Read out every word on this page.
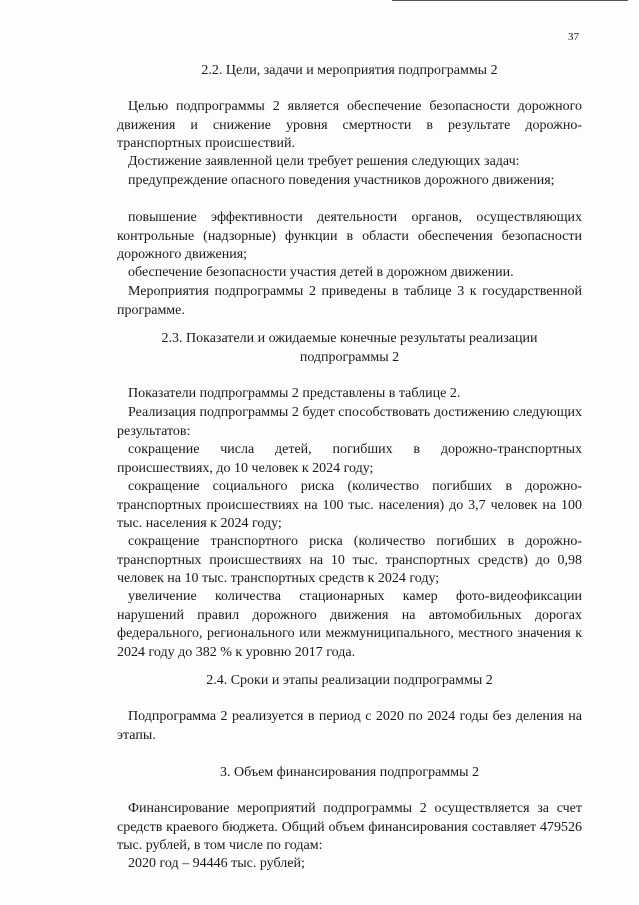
37
2.2. Цели, задачи и мероприятия подпрограммы 2
Целью подпрограммы 2 является обеспечение безопасности дорожного движения и снижение уровня смертности в результате дорожно-транспортных происшествий.
Достижение заявленной цели требует решения следующих задач:
предупреждение опасного поведения участников дорожного движения;
повышение эффективности деятельности органов, осуществляющих контрольные (надзорные) функции в области обеспечения безопасности дорожного движения;
обеспечение безопасности участия детей в дорожном движении.
Мероприятия подпрограммы 2 приведены в таблице 3 к государственной программе.
2.3. Показатели и ожидаемые конечные результаты реализации
подпрограммы 2
Показатели подпрограммы 2 представлены в таблице 2.
Реализация подпрограммы 2 будет способствовать достижению следующих результатов:
сокращение числа детей, погибших в дорожно-транспортных происшествиях, до 10 человек к 2024 году;
сокращение социального риска (количество погибших в дорожно-транспортных происшествиях на 100 тыс. населения) до 3,7 человек на 100 тыс. населения к 2024 году;
сокращение транспортного риска (количество погибших в дорожно-транспортных происшествиях на 10 тыс. транспортных средств) до 0,98 человек на 10 тыс. транспортных средств к 2024 году;
увеличение количества стационарных камер фото-видеофиксации нарушений правил дорожного движения на автомобильных дорогах федерального, регионального или межмуниципального, местного значения к 2024 году до 382 % к уровню 2017 года.
2.4. Сроки и этапы реализации подпрограммы 2
Подпрограмма 2 реализуется в период с 2020 по 2024 годы без деления на этапы.
3. Объем финансирования подпрограммы 2
Финансирование мероприятий подпрограммы 2 осуществляется за счет средств краевого бюджета. Общий объем финансирования составляет 479526 тыс. рублей, в том числе по годам:
2020 год – 94446 тыс. рублей;
